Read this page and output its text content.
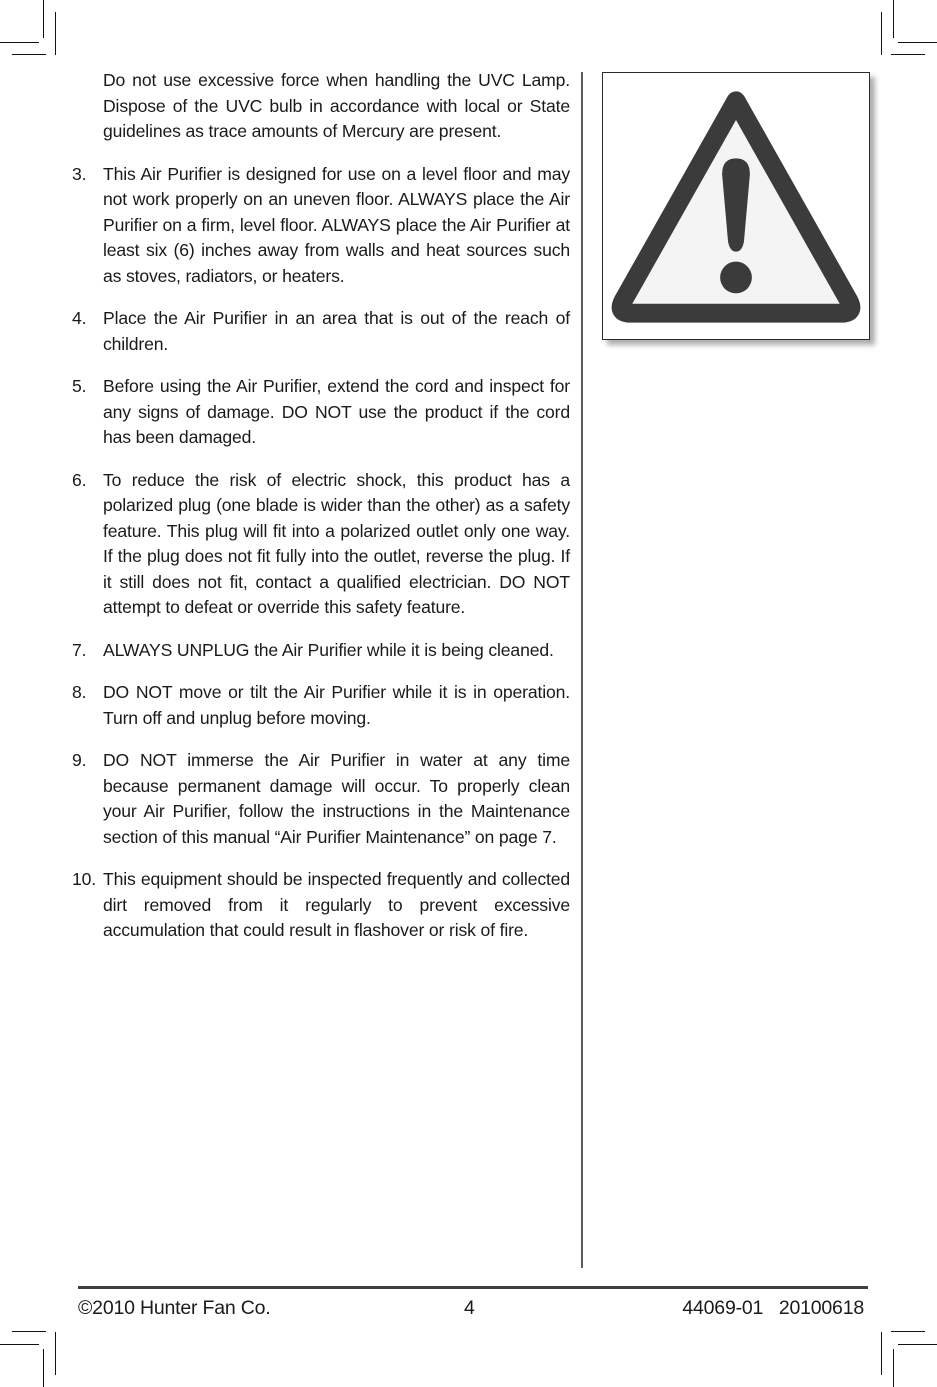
Do not use excessive force when handling the UVC Lamp. Dispose of the UVC bulb in accordance with local or State guidelines as trace amounts of Mercury are present.

3. This Air Purifier is designed for use on a level floor and may not work properly on an uneven floor. ALWAYS place the Air Purifier on a firm, level floor. ALWAYS place the Air Purifier at least six (6) inches away from walls and heat sources such as stoves, radiators, or heaters.
4. Place the Air Purifier in an area that is out of the reach of children.
5. Before using the Air Purifier, extend the cord and inspect for any signs of damage. DO NOT use the product if the cord has been damaged.
6. To reduce the risk of electric shock, this product has a polarized plug (one blade is wider than the other) as a safety feature. This plug will fit into a polarized outlet only one way. If the plug does not fit fully into the outlet, reverse the plug. If it still does not fit, contact a qualified electrician. DO NOT attempt to defeat or override this safety feature.
7. ALWAYS UNPLUG the Air Purifier while it is being cleaned.
8. DO NOT move or tilt the Air Purifier while it is in operation. Turn off and unplug before moving.
9. DO NOT immerse the Air Purifier in water at any time because permanent damage will occur. To properly clean your Air Purifier, follow the instructions in the Maintenance section of this manual “Air Purifier Maintenance” on page 7.
10. This equipment should be inspected frequently and collected dirt removed from it regularly to prevent excessive accumulation that could result in flashover or risk of fire.
©2010 Hunter Fan Co.	4	44069-01   20100618
